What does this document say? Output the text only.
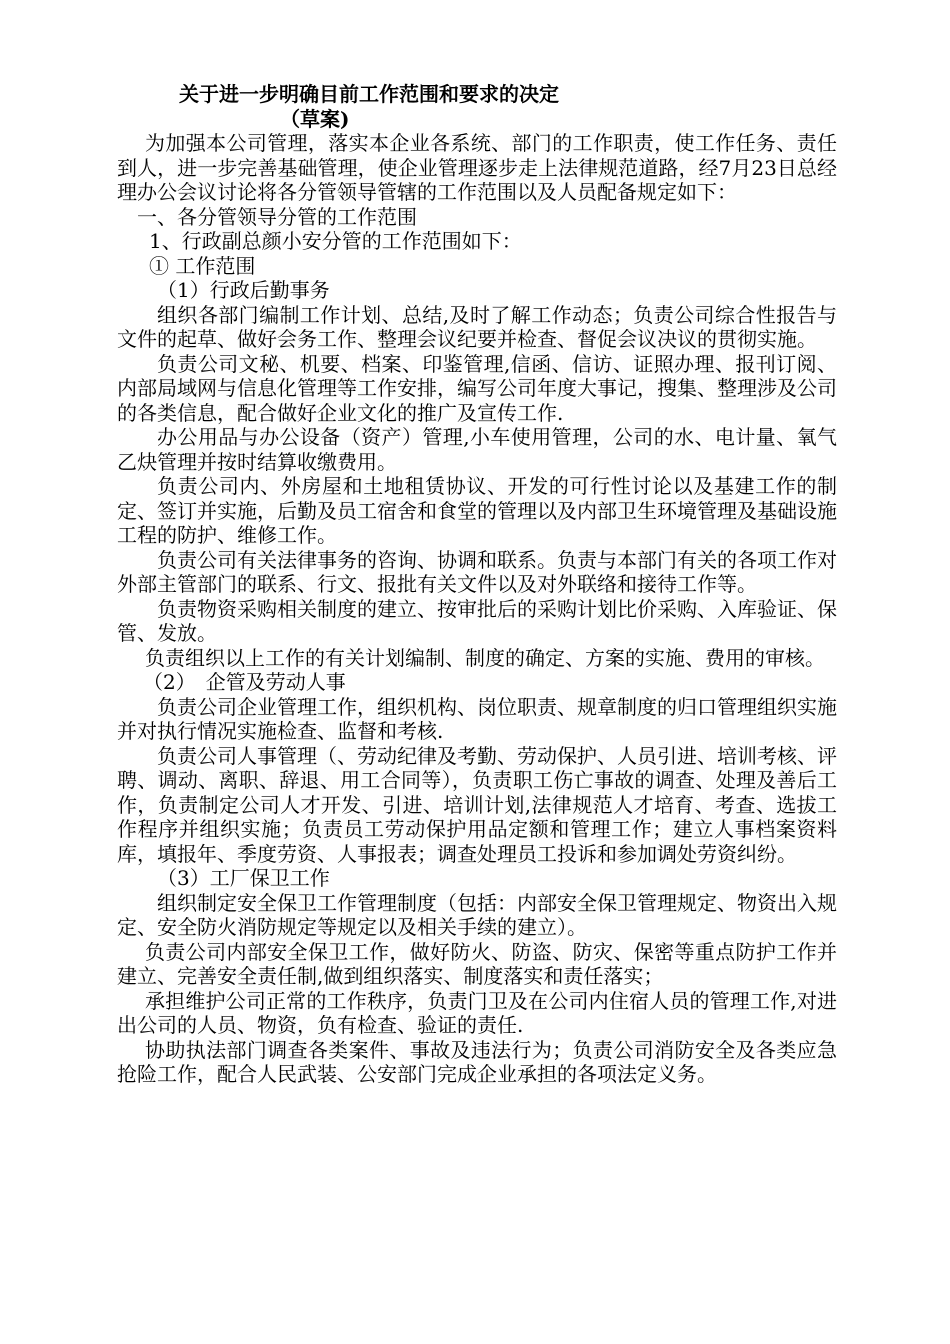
关于进一步明确目前工作范围和要求的决定

（草案)

为加强本公司管理，落实本企业各系统、部门的工作职责，使工作任务、责任到人，进一步完善基础管理，使企业管理逐步走上法律规范道路，经7月23日总经理办公会议讨论将各分管领导管辖的工作范围以及人员配备规定如下：

一、各分管领导分管的工作范围

1、行政副总颜小安分管的工作范围如下：

① 工作范围

（1）行政后勤事务

组织各部门编制工作计划、总结,及时了解工作动态；负责公司综合性报告与文件的起草、做好会务工作、整理会议纪要并检查、督促会议决议的贯彻实施。

负责公司文秘、机要、档案、印鉴管理,信函、信访、证照办理、报刊订阅、内部局域网与信息化管理等工作安排，编写公司年度大事记，搜集、整理涉及公司的各类信息，配合做好企业文化的推广及宣传工作.

办公用品与办公设备（资产）管理,小车使用管理，公司的水、电计量、氧气乙炔管理并按时结算收缴费用。

负责公司内、外房屋和土地租赁协议、开发的可行性讨论以及基建工作的制定、签订并实施，后勤及员工宿舍和食堂的管理以及内部卫生环境管理及基础设施工程的防护、维修工作。

负责公司有关法律事务的咨询、协调和联系。负责与本部门有关的各项工作对外部主管部门的联系、行文、报批有关文件以及对外联络和接待工作等。

负责物资采购相关制度的建立、按审批后的采购计划比价采购、入库验证、保管、发放。

负责组织以上工作的有关计划编制、制度的确定、方案的实施、费用的审核。

（2）　企管及劳动人事

负责公司企业管理工作，组织机构、岗位职责、规章制度的归口管理组织实施并对执行情况实施检查、监督和考核.

负责公司人事管理（、劳动纪律及考勤、劳动保护、人员引进、培训考核、评聘、调动、离职、辞退、用工合同等），负责职工伤亡事故的调查、处理及善后工作，负责制定公司人才开发、引进、培训计划,法律规范人才培育、考查、选拔工作程序并组织实施；负责员工劳动保护用品定额和管理工作；建立人事档案资料库，填报年、季度劳资、人事报表；调查处理员工投诉和参加调处劳资纠纷。

（3）工厂保卫工作

组织制定安全保卫工作管理制度（包括：内部安全保卫管理规定、物资出入规定、安全防火消防规定等规定以及相关手续的建立）。

负责公司内部安全保卫工作，做好防火、防盗、防灾、保密等重点防护工作并建立、完善安全责任制,做到组织落实、制度落实和责任落实；

承担维护公司正常的工作秩序，负责门卫及在公司内住宿人员的管理工作,对进出公司的人员、物资，负有检查、验证的责任.

协助执法部门调查各类案件、事故及违法行为；负责公司消防安全及各类应急抢险工作，配合人民武装、公安部门完成企业承担的各项法定义务。
